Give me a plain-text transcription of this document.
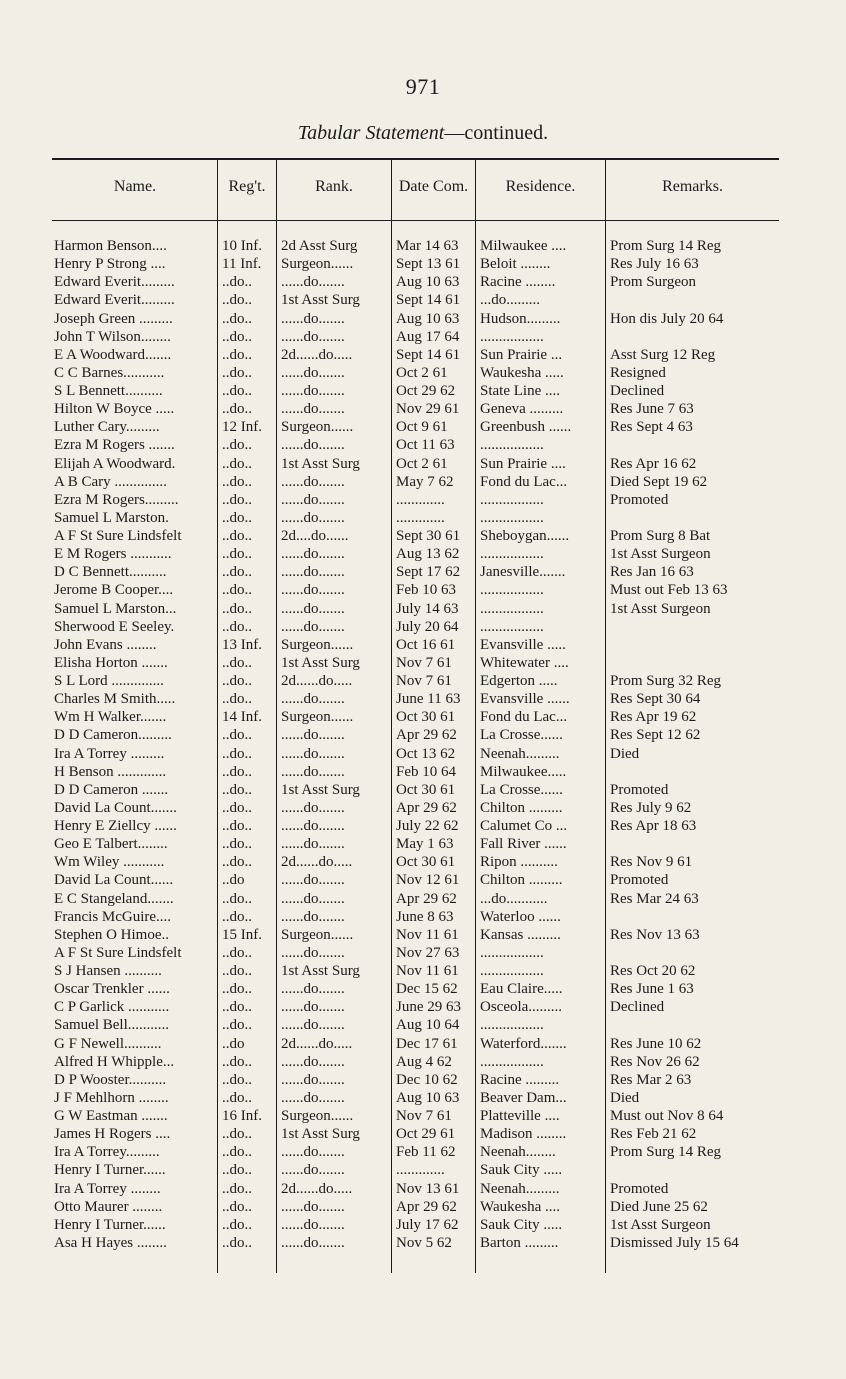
971
Tabular Statement—continued.
Name.	Reg't.	Rank.	Date Com.	Residence.	Remarks.
Harmon Benson....	10 Inf.	2d Asst Surg	Mar 14 63	Milwaukee ....	Prom Surg 14 Reg
Henry P Strong ....	11 Inf.	Surgeon......	Sept 13 61	Beloit ........	Res July 16 63
Edward Everit.........	..do..	......do.......	Aug 10 63	Racine ........	Prom Surgeon
Edward Everit.........	..do..	1st Asst Surg	Sept 14 61	...do.........
Joseph Green .........	..do..	......do.......	Aug 10 63	Hudson.........	Hon dis July 20 64
John T Wilson........	..do..	......do.......	Aug 17 64	.................
E A Woodward.......	..do..	2d......do.....	Sept 14 61	Sun Prairie ...	Asst Surg 12 Reg
C C Barnes...........	..do..	......do.......	Oct 2 61	Waukesha .....	Resigned
S L Bennett..........	..do..	......do.......	Oct 29 62	State Line ....	Declined
Hilton W Boyce .....	..do..	......do.......	Nov 29 61	Geneva .........	Res June 7 63
Luther Cary.........	12 Inf.	Surgeon......	Oct 9 61	Greenbush ......	Res Sept 4 63
Ezra M Rogers .......	..do..	......do.......	Oct 11 63	.................
Elijah A Woodward.	..do..	1st Asst Surg	Oct 2 61	Sun Prairie ....	Res Apr 16 62
A B Cary ..............	..do..	......do.......	May 7 62	Fond du Lac...	Died Sept 19 62
Ezra M Rogers.........	..do..	......do.......	.............	.................	Promoted
Samuel L Marston.	..do..	......do.......	.............	.................
A F St Sure Lindsfelt	..do..	2d....do......	Sept 30 61	Sheboygan......	Prom Surg 8 Bat
E M Rogers ...........	..do..	......do.......	Aug 13 62	.................	1st Asst Surgeon
D C Bennett..........	..do..	......do.......	Sept 17 62	Janesville.......	Res Jan 16 63
Jerome B Cooper....	..do..	......do.......	Feb 10 63	.................	Must out Feb 13 63
Samuel L Marston...	..do..	......do.......	July 14 63	.................	1st Asst Surgeon
Sherwood E Seeley.	..do..	......do.......	July 20 64	.................
John Evans ........	13 Inf.	Surgeon......	Oct 16 61	Evansville .....
Elisha Horton .......	..do..	1st Asst Surg	Nov 7 61	Whitewater ....
S L Lord ..............	..do..	2d......do.....	Nov 7 61	Edgerton .....	Prom Surg 32 Reg
Charles M Smith.....	..do..	......do.......	June 11 63	Evansville ......	Res Sept 30 64
Wm H Walker.......	14 Inf.	Surgeon......	Oct 30 61	Fond du Lac...	Res Apr 19 62
D D Cameron.........	..do..	......do.......	Apr 29 62	La Crosse......	Res Sept 12 62
Ira A Torrey .........	..do..	......do.......	Oct 13 62	Neenah.........	Died
H Benson .............	..do..	......do.......	Feb 10 64	Milwaukee.....
D D Cameron .......	..do..	1st Asst Surg	Oct 30 61	La Crosse......	Promoted
David La Count.......	..do..	......do.......	Apr 29 62	Chilton .........	Res July 9 62
Henry E Ziellcy ......	..do..	......do.......	July 22 62	Calumet Co ...	Res Apr 18 63
Geo E Talbert........	..do..	......do.......	May 1 63	Fall River ......
Wm Wiley ...........	..do..	2d......do.....	Oct 30 61	Ripon ..........	Res Nov 9 61
David La Count......	..do	......do.......	Nov 12 61	Chilton .........	Promoted
E C Stangeland.......	..do..	......do.......	Apr 29 62	...do...........	Res Mar 24 63
Francis McGuire....	..do..	......do.......	June 8 63	Waterloo ......
Stephen O Himoe..	15 Inf.	Surgeon......	Nov 11 61	Kansas .........	Res Nov 13 63
A F St Sure Lindsfelt	..do..	......do.......	Nov 27 63	.................
S J Hansen ..........	..do..	1st Asst Surg	Nov 11 61	.................	Res Oct 20 62
Oscar Trenkler ......	..do..	......do.......	Dec 15 62	Eau Claire.....	Res June 1 63
C P Garlick ...........	..do..	......do.......	June 29 63	Osceola.........	Declined
Samuel Bell...........	..do..	......do.......	Aug 10 64	.................
G F Newell..........	..do	2d......do.....	Dec 17 61	Waterford.......	Res June 10 62
Alfred H Whipple...	..do..	......do.......	Aug 4 62	.................	Res Nov 26 62
D P Wooster..........	..do..	......do.......	Dec 10 62	Racine .........	Res Mar 2 63
J F Mehlhorn ........	..do..	......do.......	Aug 10 63	Beaver Dam...	Died
G W Eastman .......	16 Inf.	Surgeon......	Nov 7 61	Platteville ....	Must out Nov 8 64
James H Rogers ....	..do..	1st Asst Surg	Oct 29 61	Madison ........	Res Feb 21 62
Ira A Torrey.........	..do..	......do.......	Feb 11 62	Neenah........	Prom Surg 14 Reg
Henry I Turner......	..do..	......do.......	.............	Sauk City .....
Ira A Torrey ........	..do..	2d......do.....	Nov 13 61	Neenah.........	Promoted
Otto Maurer ........	..do..	......do.......	Apr 29 62	Waukesha ....	Died June 25 62
Henry I Turner......	..do..	......do.......	July 17 62	Sauk City .....	1st Asst Surgeon
Asa H Hayes ........	..do..	......do.......	Nov 5 62	Barton .........	Dismissed July 15 64
